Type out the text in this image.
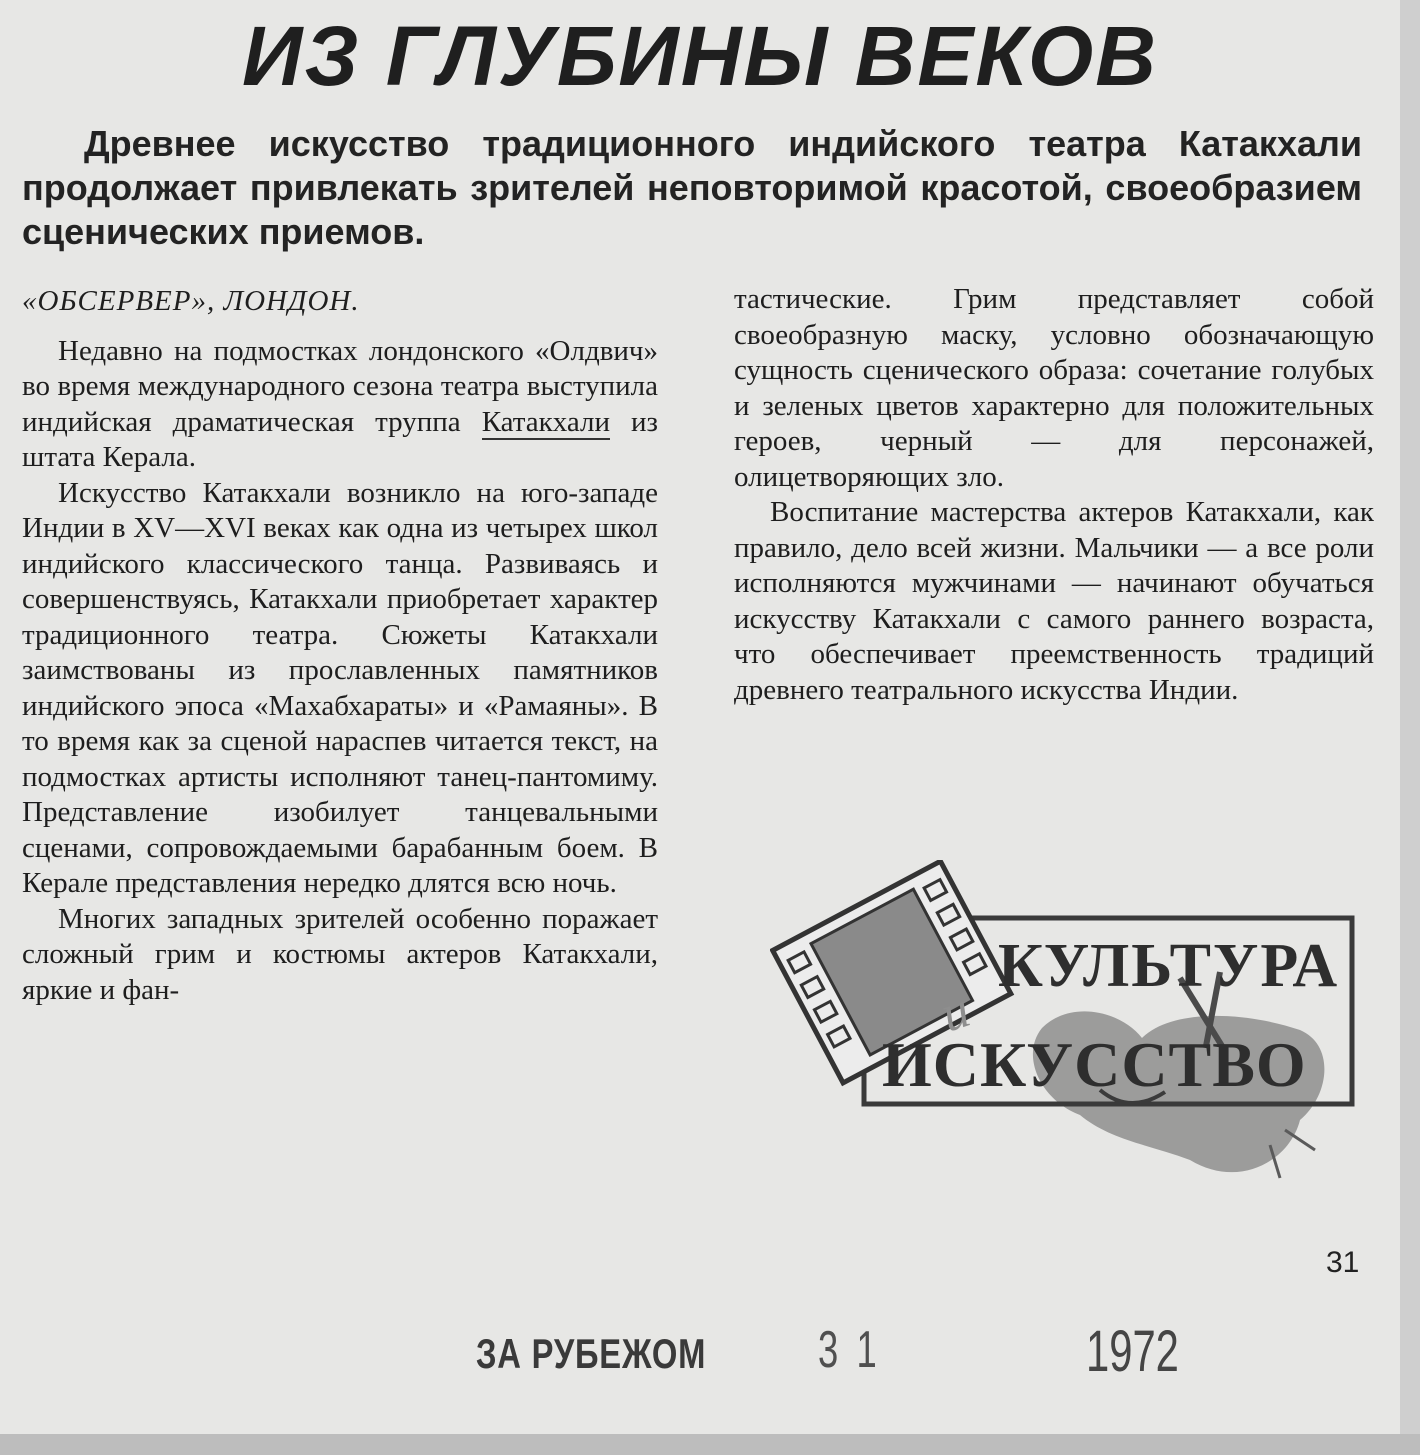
ИЗ ГЛУБИНЫ ВЕКОВ

Древнее искусство традиционного индийского театра Катакхали продолжает привлекать зрителей неповторимой красотой, своеобразием сценических приемов.

«ОБСЕРВЕР», ЛОНДОН.

Недавно на подмостках лондонского «Олдвич» во время международного сезона театра выступила индийская драматическая труппа Катакхали из штата Керала.

Искусство Катакхали возникло на юго-западе Индии в XV—XVI веках как одна из четырех школ индийского классического танца. Развиваясь и совершенствуясь, Катакхали приобретает характер традиционного театра. Сюжеты Катакхали заимствованы из прославленных памятников индийского эпоса «Махабхараты» и «Рамаяны». В то время как за сценой нараспев читается текст, на подмостках артисты исполняют танец-пантомиму. Представление изобилует танцевальными сценами, сопровождаемыми барабанным боем. В Керале представления нередко длятся всю ночь.

Многих западных зрителей особенно поражает сложный грим и костюмы актеров Катакхали, яркие и фан-

тастические. Грим представляет собой своеобразную маску, условно обозначающую сущность сценического образа: сочетание голубых и зеленых цветов характерно для положительных героев, черный — для персонажей, олицетворяющих зло.

Воспитание мастерства актеров Катакхали, как правило, дело всей жизни. Мальчики — а все роли исполняются мужчинами — начинают обучаться искусству Катакхали с самого раннего возраста, что обеспечивает преемственность традиций древнего театрального искусства Индии.

КУЛЬТУРА
и
ИСКУССТВО
31
ЗА РУБЕЖОМ 31	1972
